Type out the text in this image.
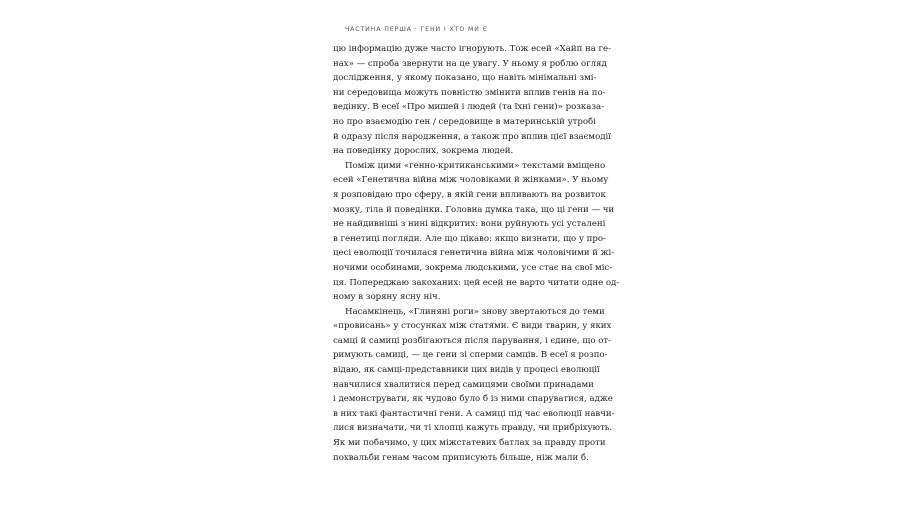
ЧАСТИНА ПЕРША · ГЕНИ І ХТО МИ Є
цю інформацію дуже часто ігнорують. Тож есей «Хайп на ге-
нах» — спроба звернути на це увагу. У ньому я роблю огляд
дослідження, у якому показано, що навіть мінімальні змі-
ни середовища можуть повністю змінити вплив генів на по-
ведінку. В есеї «Про мишей і людей (та їхні гени)» розказа-
но про взаємодію ген / середовище в материнській утробі
й одразу після народження, а також про вплив цієї взаємодії
на поведінку дорослих, зокрема людей.
Поміж цими «генно-критиканськими» текстами вміщено
есей «Генетична війна між чоловіками й жінками». У ньому
я розповідаю про сферу, в якій гени впливають на розвиток
мозку, тіла й поведінки. Головна думка така, що ці гени — чи
не найдивніші з нині відкритих: вони руйнують усі усталені
в генетиці погляди. Але що цікаво: якщо визнати, що у про-
цесі еволюції точилася генетична війна між чоловічими й жі-
ночими особинами, зокрема людськими, усе стає на свої міс-
ця. Попереджаю закоханих: цей есей не варто читати одне од-
ному в зоряну ясну ніч.
Насамкінець, «Глиняні роги» знову звертаються до теми
«провисань» у стосунках між статями. Є види тварин, у яких
самці й самиці розбігаються після парування, і єдине, що от-
римують самиці, — це гени зі сперми самців. В есеї я розпо-
відаю, як самці-представники цих видів у процесі еволюції
навчилися хвалитися перед самицями своїми принадами
і демонструвати, як чудово було б із ними спаруватися, адже
в них такі фантастичні гени. А самиці під час еволюції навчи-
лися визначати, чи ті хлопці кажуть правду, чи прибріхують.
Як ми побачимо, у цих міжстатевих батлах за правду проти
похвальби генам часом приписують більше, ніж мали б.
